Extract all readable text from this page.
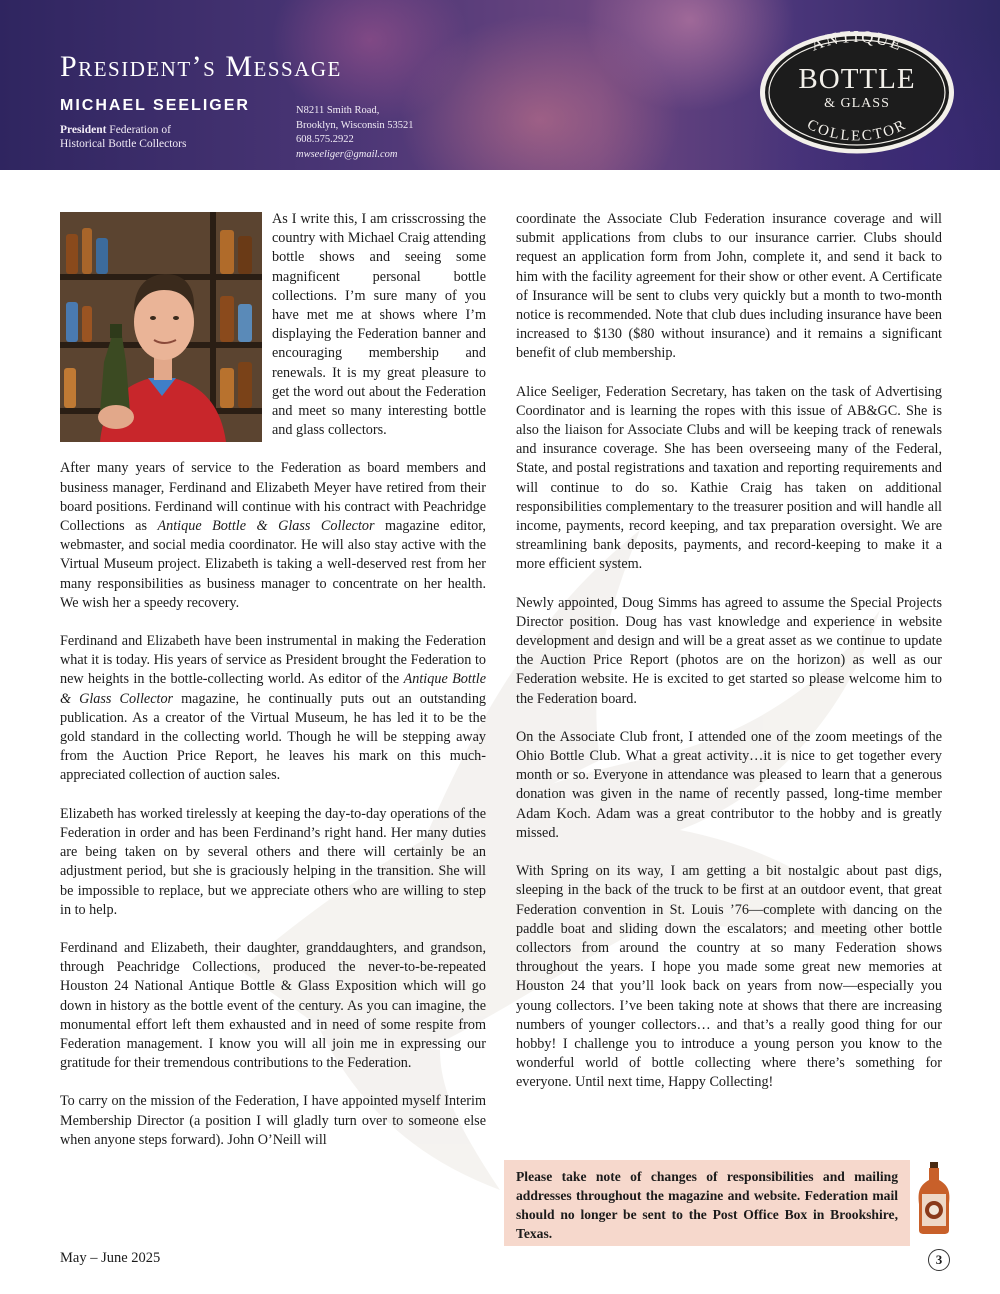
President’s Message
MICHAEL SEELIGER
President Federation of
Historical Bottle Collectors
N8211 Smith Road,
Brooklyn, Wisconsin 53521
608.575.2922
mwseeliger@gmail.com
ANTIQUE
BOTTLE
& GLASS
COLLECTOR

As I write this, I am crisscrossing the country with Michael Craig attending bottle shows and seeing some magnificent personal bottle collections. I’m sure many of you have met me at shows where I’m displaying the Federation banner and encouraging membership and renewals. It is my great pleasure to get the word out about the Federation and meet so many interesting bottle and glass collectors.

After many years of service to the Federation as board members and business manager, Ferdinand and Elizabeth Meyer have retired from their board positions. Ferdinand will continue with his contract with Peachridge Collections as Antique Bottle & Glass Collector magazine editor, webmaster, and social media coordinator. He will also stay active with the Virtual Museum project. Elizabeth is taking a well-deserved rest from her many responsibilities as business manager to concentrate on her health. We wish her a speedy recovery.

Ferdinand and Elizabeth have been instrumental in making the Federation what it is today. His years of service as President brought the Federation to new heights in the bottle-collecting world. As editor of the Antique Bottle & Glass Collector magazine, he continually puts out an outstanding publication. As a creator of the Virtual Museum, he has led it to be the gold standard in the collecting world. Though he will be stepping away from the Auction Price Report, he leaves his mark on this much-appreciated collection of auction sales.

Elizabeth has worked tirelessly at keeping the day-to-day operations of the Federation in order and has been Ferdinand’s right hand. Her many duties are being taken on by several others and there will certainly be an adjustment period, but she is graciously helping in the transition. She will be impossible to replace, but we appreciate others who are willing to step in to help.

Ferdinand and Elizabeth, their daughter, granddaughters, and grandson, through Peachridge Collections, produced the never-to-be-repeated Houston 24 National Antique Bottle & Glass Exposition which will go down in history as the bottle event of the century. As you can imagine, the monumental effort left them exhausted and in need of some respite from Federation management. I know you will all join me in expressing our gratitude for their tremendous contributions to the Federation.

To carry on the mission of the Federation, I have appointed myself Interim Membership Director (a position I will gladly turn over to someone else when anyone steps forward). John O’Neill will

coordinate the Associate Club Federation insurance coverage and will submit applications from clubs to our insurance carrier. Clubs should request an application form from John, complete it, and send it back to him with the facility agreement for their show or other event. A Certificate of Insurance will be sent to clubs very quickly but a month to two-month notice is recommended. Note that club dues including insurance have been increased to $130 ($80 without insurance) and it remains a significant benefit of club membership.

Alice Seeliger, Federation Secretary, has taken on the task of Advertising Coordinator and is learning the ropes with this issue of AB&GC. She is also the liaison for Associate Clubs and will be keeping track of renewals and insurance coverage. She has been overseeing many of the Federal, State, and postal registrations and taxation and reporting requirements and will continue to do so. Kathie Craig has taken on additional responsibilities complementary to the treasurer position and will handle all income, payments, record keeping, and tax preparation oversight. We are streamlining bank deposits, payments, and record-keeping to make it a more efficient system.

Newly appointed, Doug Simms has agreed to assume the Special Projects Director position. Doug has vast knowledge and experience in website development and design and will be a great asset as we continue to update the Auction Price Report (photos are on the horizon) as well as our Federation website. He is excited to get started so please welcome him to the Federation board.

On the Associate Club front, I attended one of the zoom meetings of the Ohio Bottle Club. What a great activity…it is nice to get together every month or so. Everyone in attendance was pleased to learn that a generous donation was given in the name of recently passed, long-time member Adam Koch. Adam was a great contributor to the hobby and is greatly missed.

With Spring on its way, I am getting a bit nostalgic about past digs, sleeping in the back of the truck to be first at an outdoor event, that great Federation convention in St. Louis ’76—complete with dancing on the paddle boat and sliding down the escalators; and meeting other bottle collectors from around the country at so many Federation shows throughout the years. I hope you made some great new memories at Houston 24 that you’ll look back on years from now—especially you young collectors. I’ve been taking note at shows that there are increasing numbers of younger collectors… and that’s a really good thing for our hobby! I challenge you to introduce a young person you know to the wonderful world of bottle collecting where there’s something for everyone. Until next time, Happy Collecting!

Please take note of changes of responsibilities and mailing addresses throughout the magazine and website. Federation mail should no longer be sent to the Post Office Box in Brookshire, Texas.
May – June 2025	3
